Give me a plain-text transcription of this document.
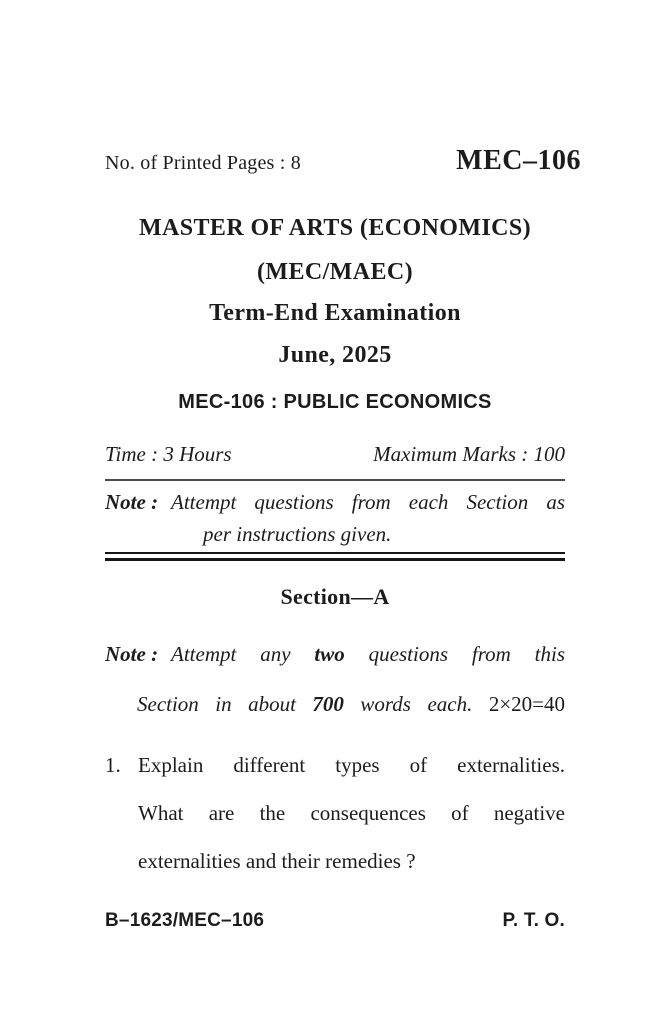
No. of Printed Pages : 8	MEC–106
MASTER OF ARTS (ECONOMICS)
(MEC/MAEC)
Term-End Examination
June, 2025
MEC-106 : PUBLIC ECONOMICS
Time : 3 Hours	Maximum Marks : 100
Note : Attempt questions from each Section as
per instructions given.
Section—A
Note : Attempt any two questions from this
Section in about 700 words each. 2×20=40
1. Explain different types of externalities.
What are the consequences of negative
externalities and their remedies ?
B–1623/MEC–106	P. T. O.
